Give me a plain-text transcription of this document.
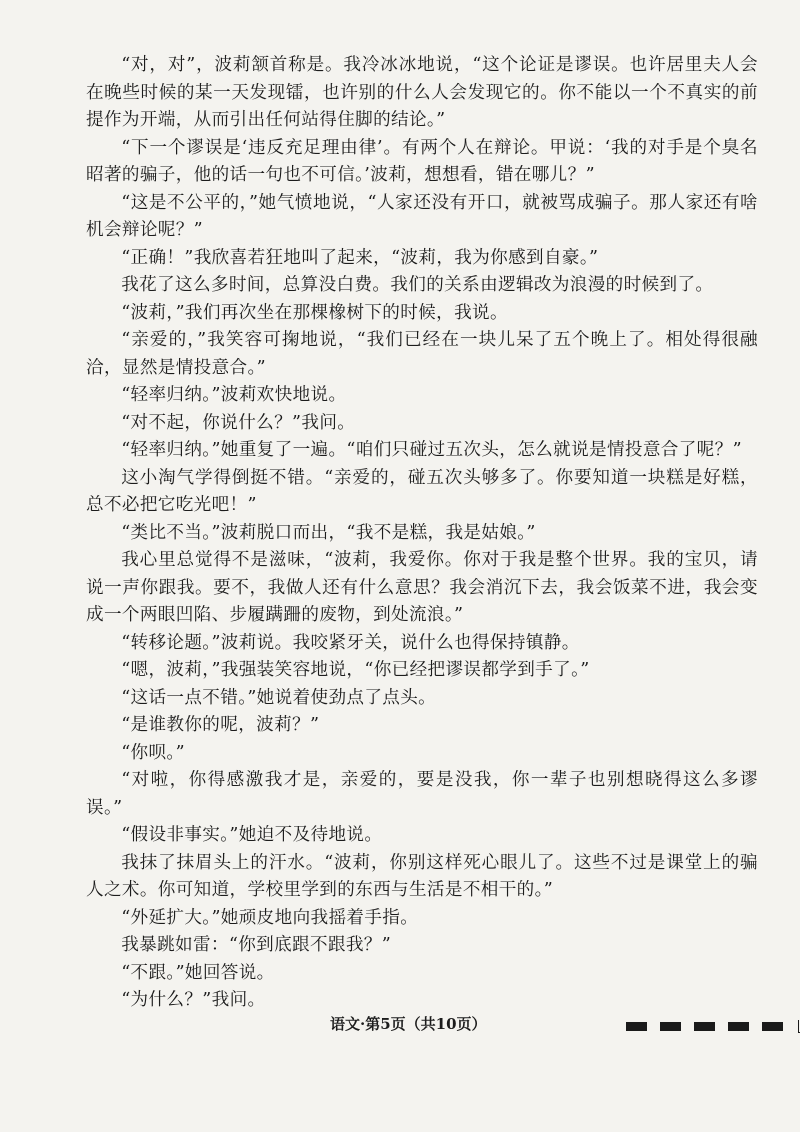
“对，对”，波莉颔首称是。我冷冰冰地说，“这个论证是谬误。也许居里夫人会在晚些时候的某一天发现镭，也许别的什么人会发现它的。你不能以一个不真实的前提作为开端，从而引出任何站得住脚的结论。”

“下一个谬误是‘违反充足理由律’。有两个人在辩论。甲说：‘我的对手是个臭名昭著的骗子，他的话一句也不可信。’波莉，想想看，错在哪儿？”

“这是不公平的，”她气愤地说，“人家还没有开口，就被骂成骗子。那人家还有啥机会辩论呢？”

“正确！”我欣喜若狂地叫了起来，“波莉，我为你感到自豪。”

我花了这么多时间，总算没白费。我们的关系由逻辑改为浪漫的时候到了。

“波莉，”我们再次坐在那棵橡树下的时候，我说。

“亲爱的，”我笑容可掬地说，“我们已经在一块儿呆了五个晚上了。相处得很融洽，显然是情投意合。”

“轻率归纳。”波莉欢快地说。

“对不起，你说什么？”我问。

“轻率归纳。”她重复了一遍。“咱们只碰过五次头，怎么就说是情投意合了呢？”

这小淘气学得倒挺不错。“亲爱的，碰五次头够多了。你要知道一块糕是好糕，总不必把它吃光吧！”

“类比不当。”波莉脱口而出，“我不是糕，我是姑娘。”

我心里总觉得不是滋味，“波莉，我爱你。你对于我是整个世界。我的宝贝，请说一声你跟我。要不，我做人还有什么意思？我会消沉下去，我会饭菜不进，我会变成一个两眼凹陷、步履蹒跚的废物，到处流浪。”

“转移论题。”波莉说。我咬紧牙关，说什么也得保持镇静。

“嗯，波莉，”我强装笑容地说，“你已经把谬误都学到手了。”

“这话一点不错。”她说着使劲点了点头。

“是谁教你的呢，波莉？”

“你呗。”

“对啦，你得感激我才是，亲爱的，要是没我，你一辈子也别想晓得这么多谬误。”

“假设非事实。”她迫不及待地说。

我抹了抹眉头上的汗水。“波莉，你别这样死心眼儿了。这些不过是课堂上的骗人之术。你可知道，学校里学到的东西与生活是不相干的。”

“外延扩大。”她顽皮地向我摇着手指。

我暴跳如雷：“你到底跟不跟我？”

“不跟。”她回答说。

“为什么？”我问。

语文·第5页（共10页）
